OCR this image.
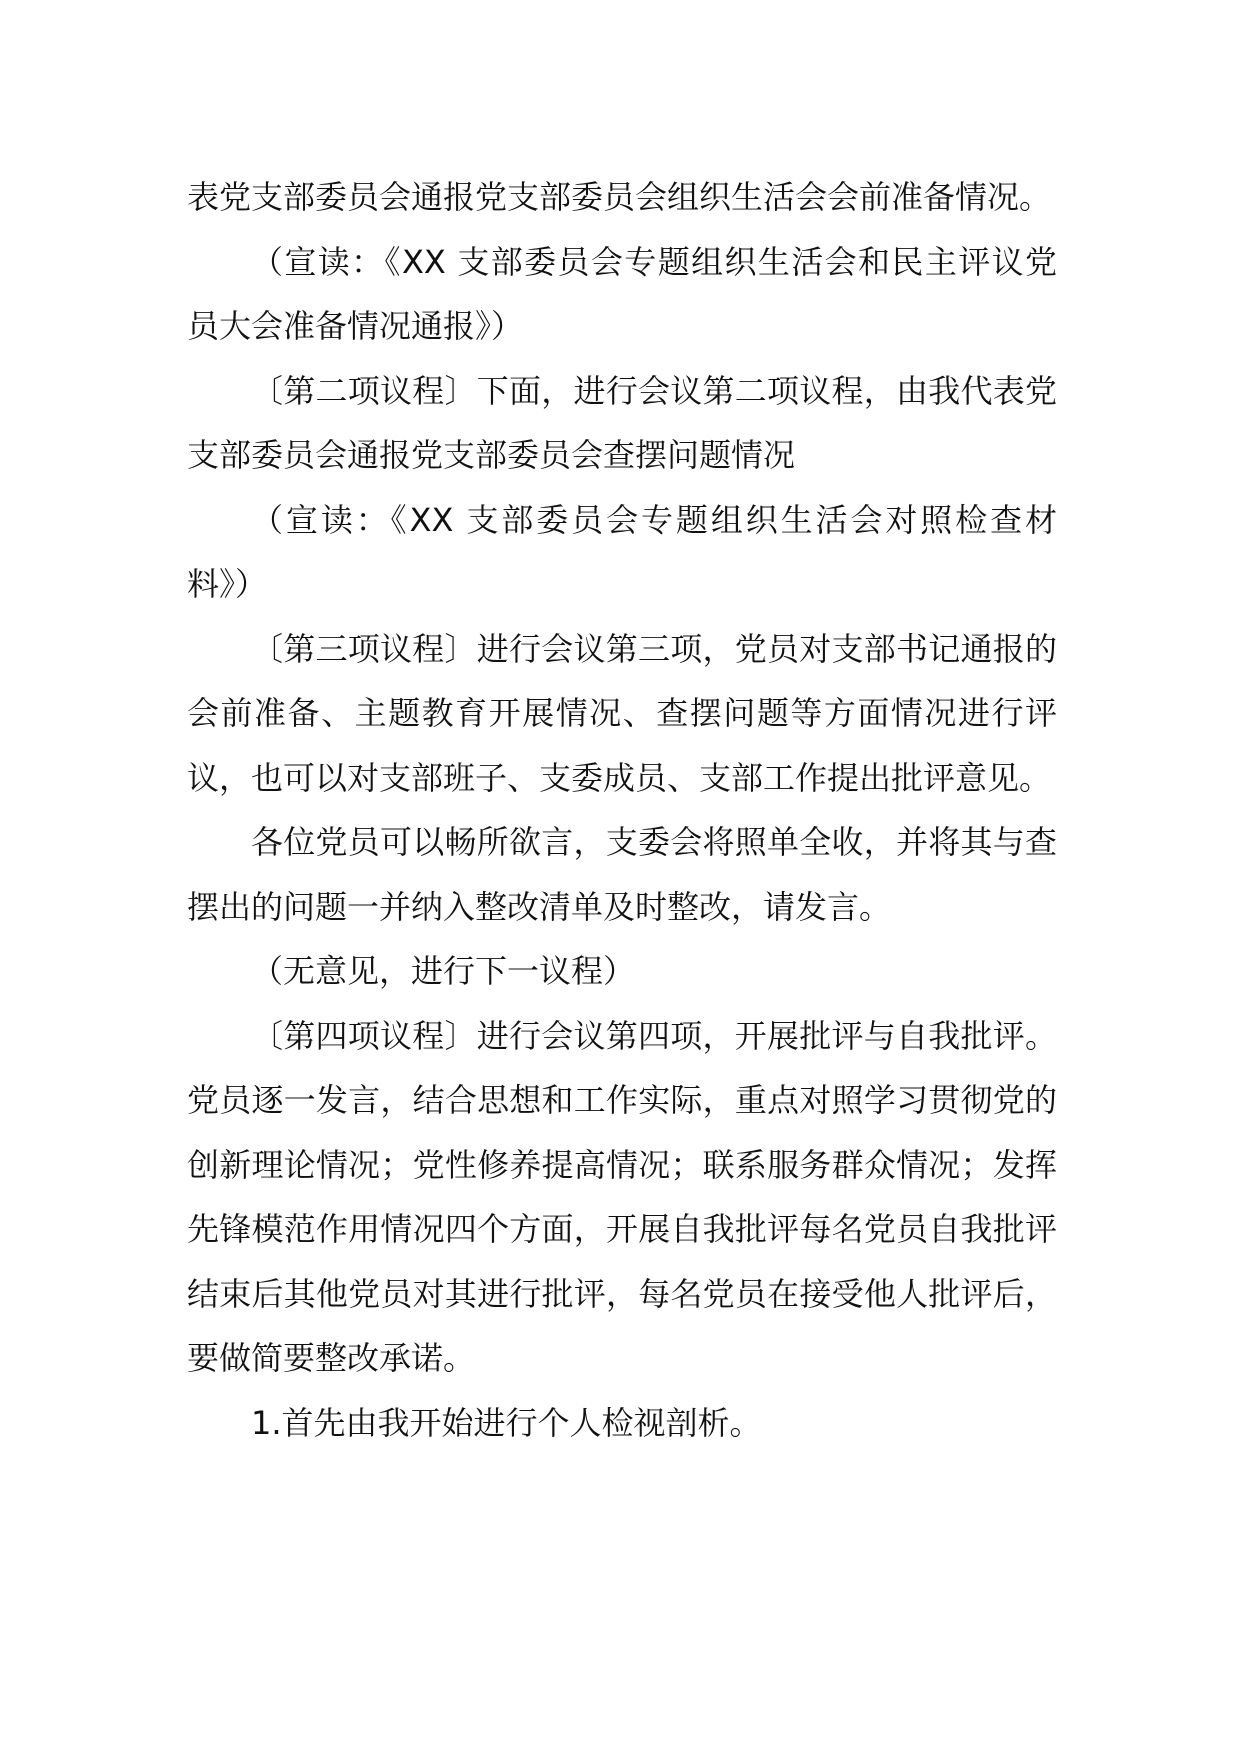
表党支部委员会通报党支部委员会组织生活会会前准备情况。

（宣读：《XX 支部委员会专题组织生活会和民主评议党员大会准备情况通报》）

〔第二项议程〕下面，进行会议第二项议程，由我代表党支部委员会通报党支部委员会查摆问题情况

（宣读：《XX 支部委员会专题组织生活会对照检查材料》）

〔第三项议程〕进行会议第三项，党员对支部书记通报的会前准备、主题教育开展情况、查摆问题等方面情况进行评议，也可以对支部班子、支委成员、支部工作提出批评意见。

各位党员可以畅所欲言，支委会将照单全收，并将其与查摆出的问题一并纳入整改清单及时整改，请发言。

（无意见，进行下一议程）

〔第四项议程〕进行会议第四项，开展批评与自我批评。党员逐一发言，结合思想和工作实际，重点对照学习贯彻党的创新理论情况；党性修养提高情况；联系服务群众情况；发挥先锋模范作用情况四个方面，开展自我批评每名党员自我批评结束后其他党员对其进行批评，每名党员在接受他人批评后，要做简要整改承诺。

1.首先由我开始进行个人检视剖析。
